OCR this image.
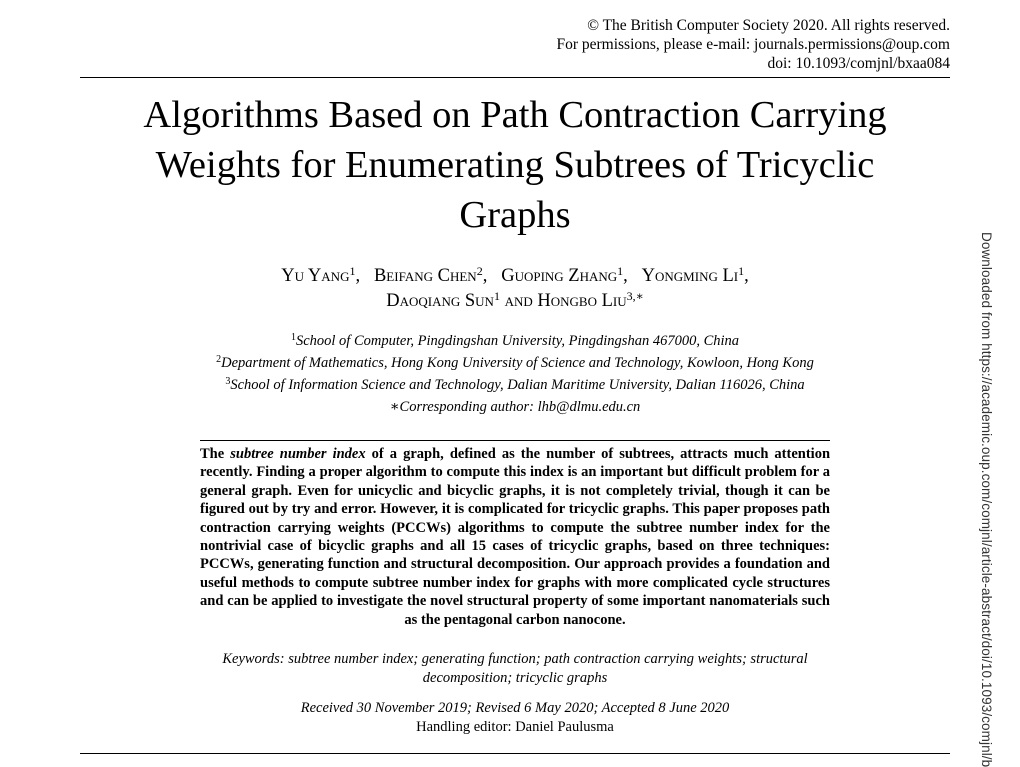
© The British Computer Society 2020. All rights reserved.
For permissions, please e-mail: journals.permissions@oup.com
doi: 10.1093/comjnl/bxaa084
Algorithms Based on Path Contraction Carrying Weights for Enumerating Subtrees of Tricyclic Graphs
Yu Yang$^1$, Beifang Chen$^2$, Guoping Zhang$^1$, Yongming Li$^1$,
Daoqiang Sun$^1$ and Hongbo Liu$^{3,∗}$
$^1$School of Computer, Pingdingshan University, Pingdingshan 467000, China
$^2$Department of Mathematics, Hong Kong University of Science and Technology, Kowloon, Hong Kong
$^3$School of Information Science and Technology, Dalian Maritime University, Dalian 116026, China
∗Corresponding author: lhb@dlmu.edu.cn

The subtree number index of a graph, defined as the number of subtrees, attracts much attention recently. Finding a proper algorithm to compute this index is an important but difficult problem for a general graph. Even for unicyclic and bicyclic graphs, it is not completely trivial, though it can be figured out by try and error. However, it is complicated for tricyclic graphs. This paper proposes path contraction carrying weights (PCCWs) algorithms to compute the subtree number index for the nontrivial case of bicyclic graphs and all 15 cases of tricyclic graphs, based on three techniques: PCCWs, generating function and structural decomposition. Our approach provides a foundation and useful methods to compute subtree number index for graphs with more complicated cycle structures and can be applied to investigate the novel structural property of some important nanomaterials such as the pentagonal carbon nanocone.

Keywords: subtree number index; generating function; path contraction carrying weights; structural decomposition; tricyclic graphs
Received 30 November 2019; Revised 6 May 2020; Accepted 8 June 2020
Handling editor: Daniel Paulusma	Downloaded from https://academic.oup.com/comjnl/article-abstract/doi/10.1093/comjnl/b
